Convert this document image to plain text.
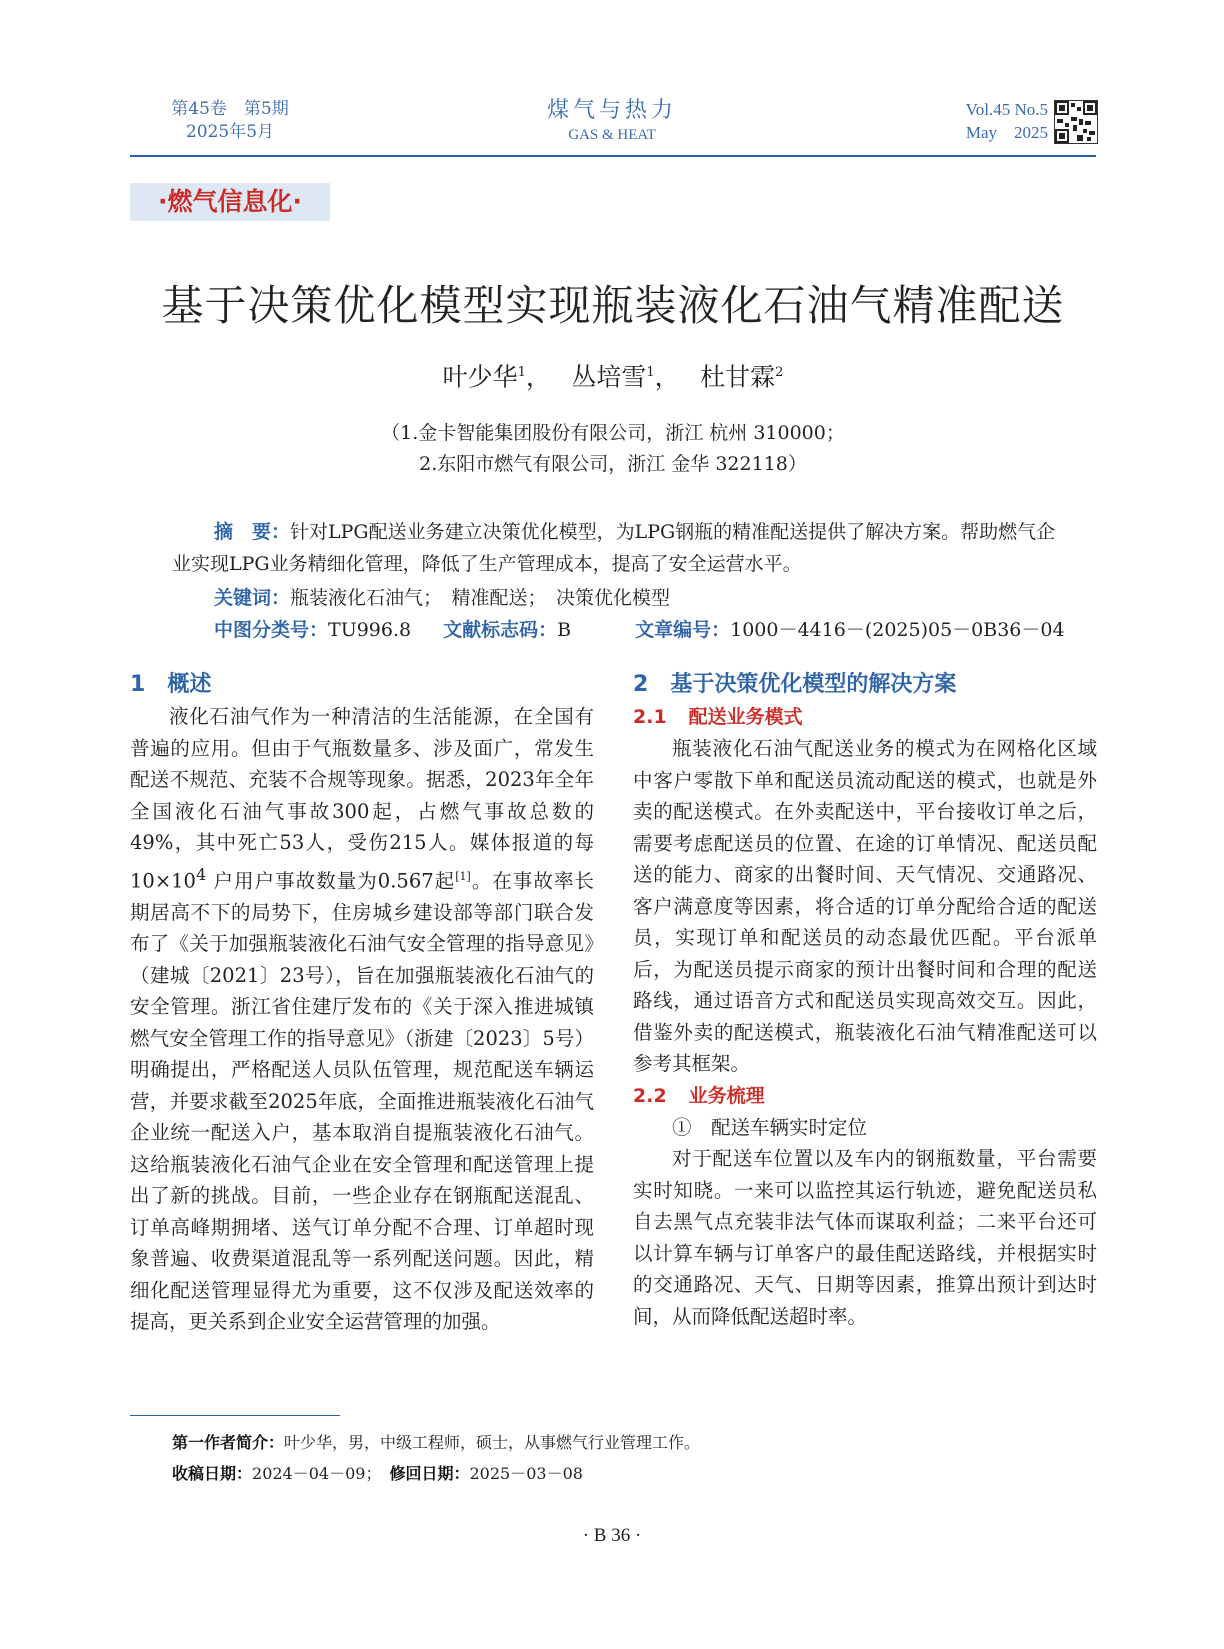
第45卷　第5期
2025年5月
煤气与热力
GAS & HEAT
Vol.45 No.5
May　2025
·燃气信息化·
基于决策优化模型实现瓶装液化石油气精准配送
叶少华$^1$，　 丛培雪$^1$，　 杜甘霖$^2$
（1.金卡智能集团股份有限公司，浙江 杭州 310000；
2.东阳市燃气有限公司，浙江 金华 322118）
摘　要：针对LPG配送业务建立决策优化模型，为LPG钢瓶的精准配送提供了解决方案。帮助燃气企业实现LPG业务精细化管理，降低了生产管理成本，提高了安全运营水平。
关键词：瓶装液化石油气；　精准配送；　决策优化模型
中图分类号：TU996.8 文献标志码：B	文章编号：1000－4416－(2025)05－0B36－04
1 概述

液化石油气作为一种清洁的生活能源，在全国有普遍的应用。但由于气瓶数量多、涉及面广，常发生配送不规范、充装不合规等现象。据悉，2023年全年全国液化石油气事故300起，占燃气事故总数的49%，其中死亡53人，受伤215人。媒体报道的每$10\times 10^4$ 户用户事故数量为0.567起[1]。在事故率长期居高不下的局势下，住房城乡建设部等部门联合发布了《关于加强瓶装液化石油气安全管理的指导意见》（建城〔2021〕23号），旨在加强瓶装液化石油气的安全管理。浙江省住建厅发布的《关于深入推进城镇燃气安全管理工作的指导意见》（浙建〔2023〕5号）明确提出，严格配送人员队伍管理，规范配送车辆运营，并要求截至2025年底，全面推进瓶装液化石油气企业统一配送入户，基本取消自提瓶装液化石油气。这给瓶装液化石油气企业在安全管理和配送管理上提出了新的挑战。目前，一些企业存在钢瓶配送混乱、订单高峰期拥堵、送气订单分配不合理、订单超时现象普遍、收费渠道混乱等一系列配送问题。因此，精细化配送管理显得尤为重要，这不仅涉及配送效率的提高，更关系到企业安全运营管理的加强。

2 基于决策优化模型的解决方案
2.1 配送业务模式

瓶装液化石油气配送业务的模式为在网格化区域中客户零散下单和配送员流动配送的模式，也就是外卖的配送模式。在外卖配送中，平台接收订单之后，需要考虑配送员的位置、在途的订单情况、配送员配送的能力、商家的出餐时间、天气情况、交通路况、客户满意度等因素，将合适的订单分配给合适的配送员，实现订单和配送员的动态最优匹配。平台派单后，为配送员提示商家的预计出餐时间和合理的配送路线，通过语音方式和配送员实现高效交互。因此，借鉴外卖的配送模式，瓶装液化石油气精准配送可以参考其框架。

2.2 业务梳理

①　配送车辆实时定位

对于配送车位置以及车内的钢瓶数量，平台需要实时知晓。一来可以监控其运行轨迹，避免配送员私自去黑气点充装非法气体而谋取利益；二来平台还可以计算车辆与订单客户的最佳配送路线，并根据实时的交通路况、天气、日期等因素，推算出预计到达时间，从而降低配送超时率。

第一作者简介：叶少华，男，中级工程师，硕士，从事燃气行业管理工作。
收稿日期：2024－04－09；　 修回日期：2025－03－08
· B 36 ·
